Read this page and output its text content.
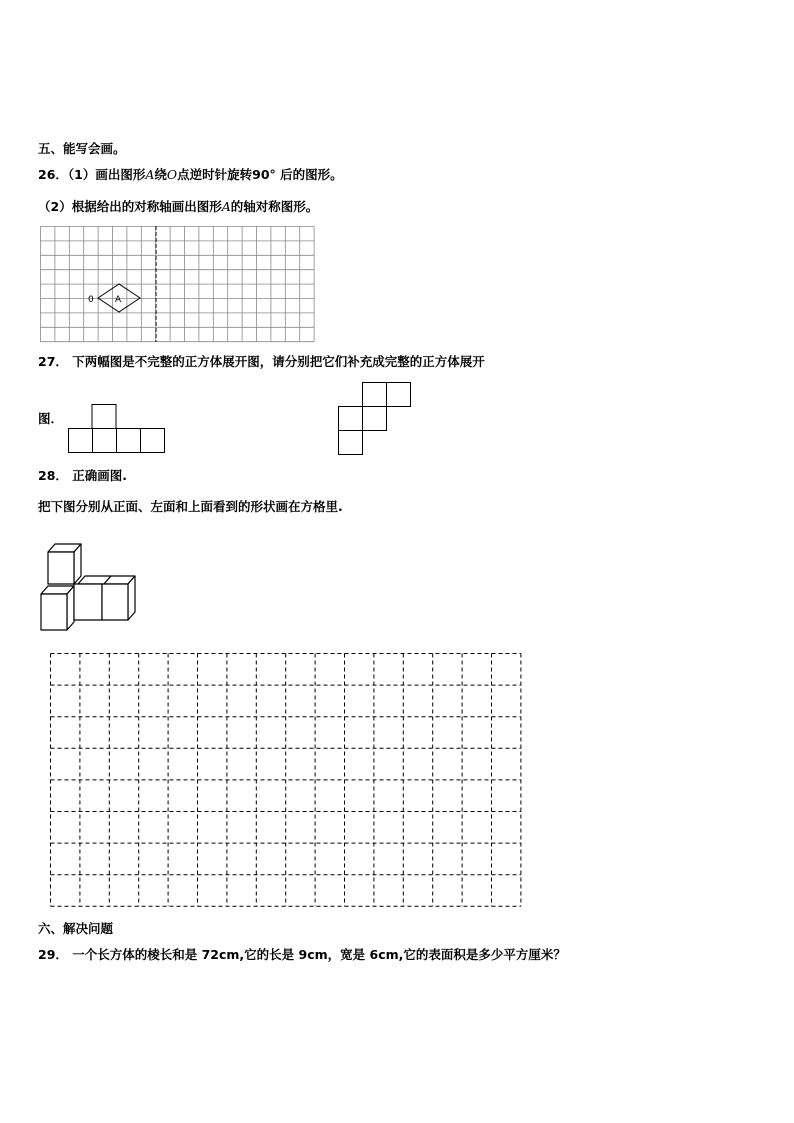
五、能写会画。
26．（1）画出图形A绕O点逆时针旋转90° 后的图形。
（2）根据给出的对称轴画出图形A的轴对称图形。
0 A
27． 下两幅图是不完整的正方体展开图，请分别把它们补充成完整的正方体展开
图．
28． 正确画图.
把下图分别从正面、左面和上面看到的形状画在方格里.
六、解决问题
29． 一个长方体的棱长和是 72cm,它的长是 9cm，宽是 6cm,它的表面积是多少平方厘米？
